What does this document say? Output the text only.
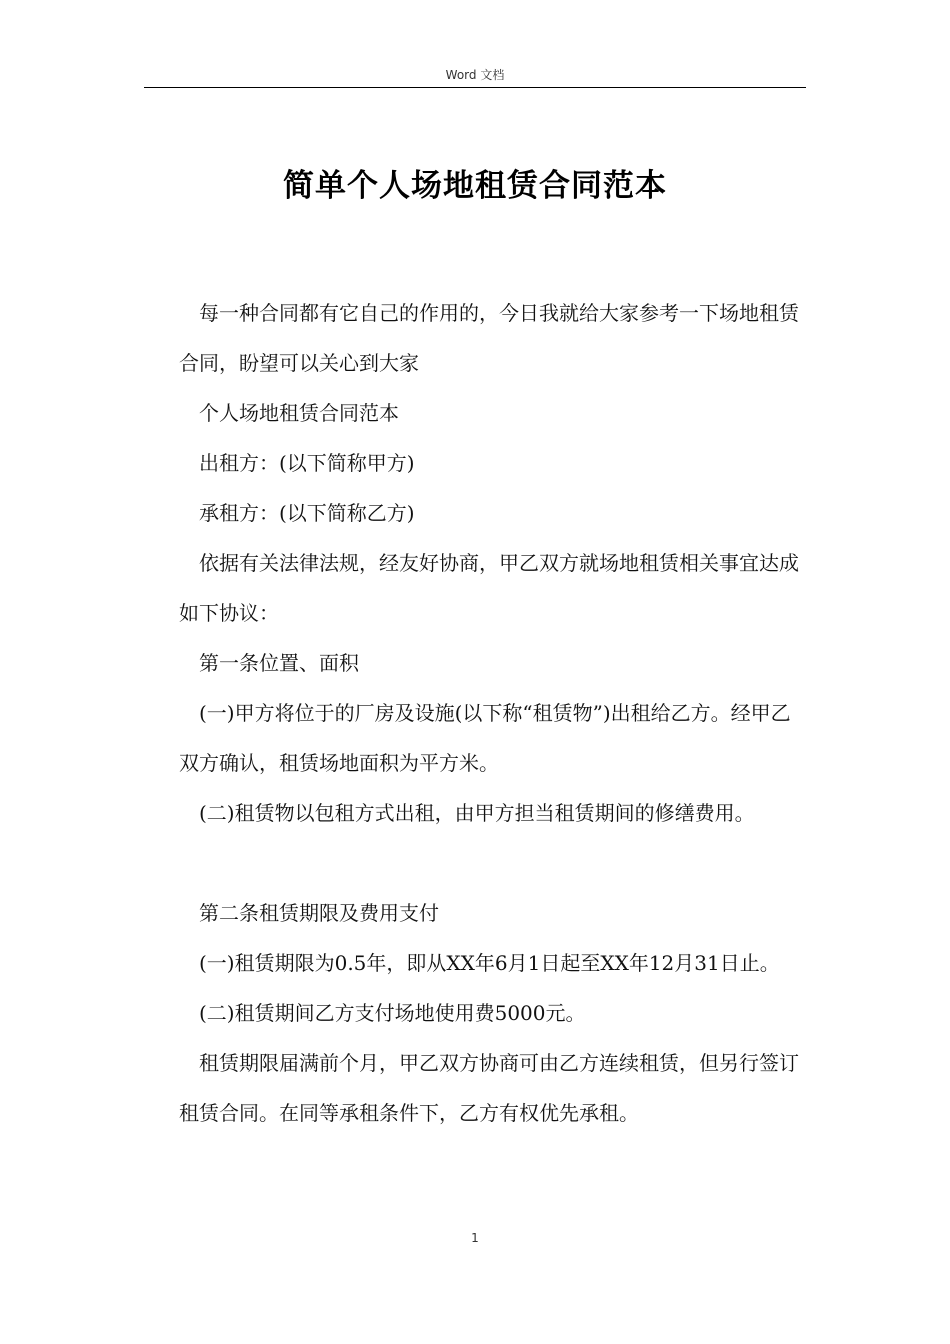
Word 文档
简单个人场地租赁合同范本

每一种合同都有它自己的作用的，今日我就给大家参考一下场地租赁合同，盼望可以关心到大家

个人场地租赁合同范本

出租方：(以下简称甲方)

承租方：(以下简称乙方)

依据有关法律法规，经友好协商，甲乙双方就场地租赁相关事宜达成如下协议：

第一条位置、面积

(一)甲方将位于的厂房及设施(以下称“租赁物”)出租给乙方。经甲乙双方确认，租赁场地面积为平方米。

(二)租赁物以包租方式出租，由甲方担当租赁期间的修缮费用。

第二条租赁期限及费用支付

(一)租赁期限为0.5年，即从XX年6月1日起至XX年12月31日止。

(二)租赁期间乙方支付场地使用费5000元。

租赁期限届满前个月，甲乙双方协商可由乙方连续租赁，但另行签订租赁合同。在同等承租条件下，乙方有权优先承租。

1
